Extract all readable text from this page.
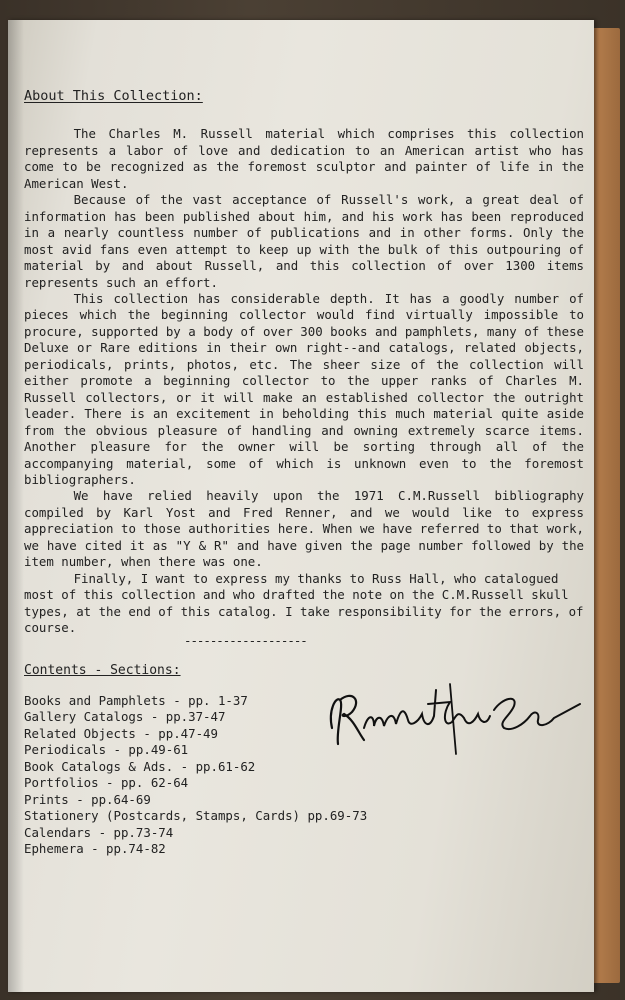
About This Collection:

The Charles M. Russell material which comprises this collection represents a labor of love and dedication to an American artist who has come to be recognized as the foremost sculptor and painter of life in the American West.

Because of the vast acceptance of Russell's work, a great deal of information has been published about him, and his work has been reproduced in a nearly countless number of publications and in other forms. Only the most avid fans even attempt to keep up with the bulk of this outpouring of material by and about Russell, and this collection of over 1300 items represents such an effort.

This collection has considerable depth. It has a goodly number of pieces which the beginning collector would find virtually impossible to procure, supported by a body of over 300 books and pamphlets, many of these Deluxe or Rare editions in their own right--and catalogs, related objects, periodicals, prints, photos, etc. The sheer size of the collection will either promote a beginning collector to the upper ranks of Charles M. Russell collectors, or it will make an established collector the outright leader. There is an excitement in beholding this much material quite aside from the obvious pleasure of handling and owning extremely scarce items. Another pleasure for the owner will be sorting through all of the accompanying material, some of which is unknown even to the foremost bibliographers.

We have relied heavily upon the 1971 C.M.Russell bibliography compiled by Karl Yost and Fred Renner, and we would like to express appreciation to those authorities here. When we have referred to that work, we have cited it as "Y & R" and have given the page number followed by the item number, when there was one.

Finally, I want to express my thanks to Russ Hall, who catalogued most of this collection and who drafted the note on the C.M.Russell skull types, at the end of this catalog. I take responsibility for the errors, of course.

-------------------
Contents - Sections:
Books and Pamphlets - pp. 1-37
Gallery Catalogs - pp.37-47
Related Objects - pp.47-49
Periodicals - pp.49-61
Book Catalogs & Ads. - pp.61-62
Portfolios - pp. 62-64
Prints - pp.64-69
Stationery (Postcards, Stamps, Cards) pp.69-73
Calendars - pp.73-74
Ephemera - pp.74-82
